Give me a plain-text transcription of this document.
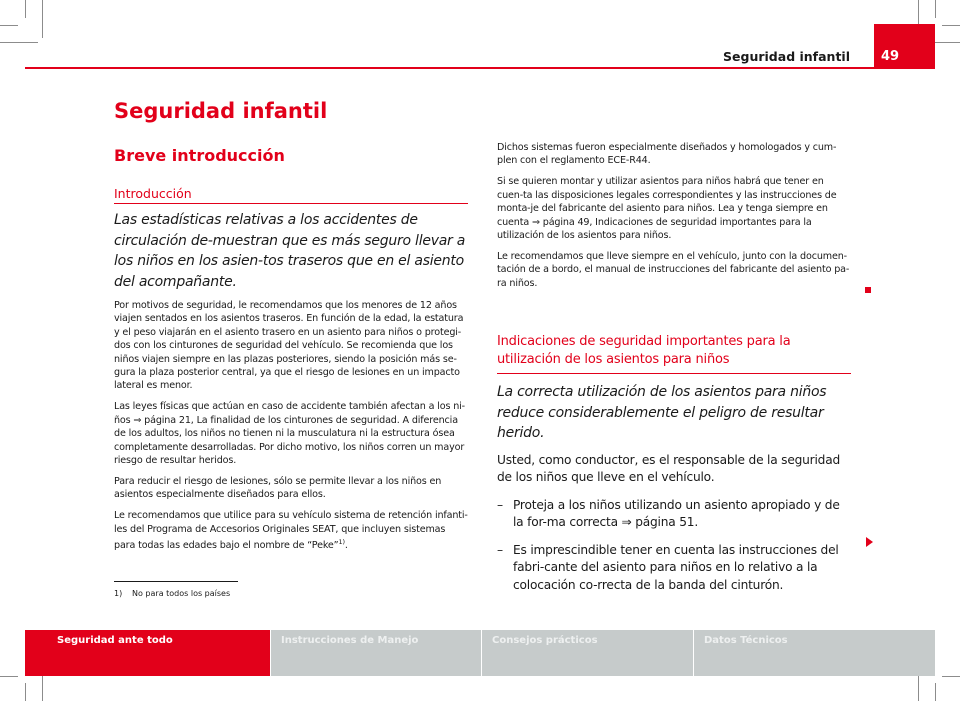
Seguridad infantil	49
Seguridad infantil
Breve introducción
Introducción

Las estadísticas relativas a los accidentes de circulación de-muestran que es más seguro llevar a los niños en los asien-tos traseros que en el asiento del acompañante.

Por motivos de seguridad, le recomendamos que los menores de 12 años viajen sentados en los asientos traseros. En función de la edad, la estatura y el peso viajarán en el asiento trasero en un asiento para niños o protegi-dos con los cinturones de seguridad del vehículo. Se recomienda que los niños viajen siempre en las plazas posteriores, siendo la posición más se-gura la plaza posterior central, ya que el riesgo de lesiones en un impacto lateral es menor.

Las leyes físicas que actúan en caso de accidente también afectan a los ni-ños ⇒ página 21, La finalidad de los cinturones de seguridad. A diferencia de los adultos, los niños no tienen ni la musculatura ni la estructura ósea completamente desarrolladas. Por dicho motivo, los niños corren un mayor riesgo de resultar heridos.

Para reducir el riesgo de lesiones, sólo se permite llevar a los niños en asientos especialmente diseñados para ellos.

Le recomendamos que utilice para su vehículo sistema de retención infanti-les del Programa de Accesorios Originales SEAT, que incluyen sistemas para todas las edades bajo el nombre de “Peke”$^{1)}$.

Dichos sistemas fueron especialmente diseñados y homologados y cum-plen con el reglamento ECE-R44.

Si se quieren montar y utilizar asientos para niños habrá que tener en cuen-ta las disposiciones legales correspondientes y las instrucciones de monta-je del fabricante del asiento para niños. Lea y tenga siempre en cuenta ⇒ página 49, Indicaciones de seguridad importantes para la utilización de los asientos para niños.

Le recomendamos que lleve siempre en el vehículo, junto con la documen-tación de a bordo, el manual de instrucciones del fabricante del asiento pa-ra niños.

Indicaciones de seguridad importantes para la utilización de los asientos para niños

La correcta utilización de los asientos para niños reduce considerablemente el peligro de resultar herido.

Usted, como conductor, es el responsable de la seguridad de los niños que lleve en el vehículo.

– Proteja a los niños utilizando un asiento apropiado y de la for-ma correcta ⇒ página 51.
– Es imprescindible tener en cuenta las instrucciones del fabri-cante del asiento para niños en lo relativo a la colocación co-rrecta de la banda del cinturón.
1) No para todos los países
Seguridad ante todo	Instrucciones de Manejo	Consejos prácticos	Datos Técnicos
